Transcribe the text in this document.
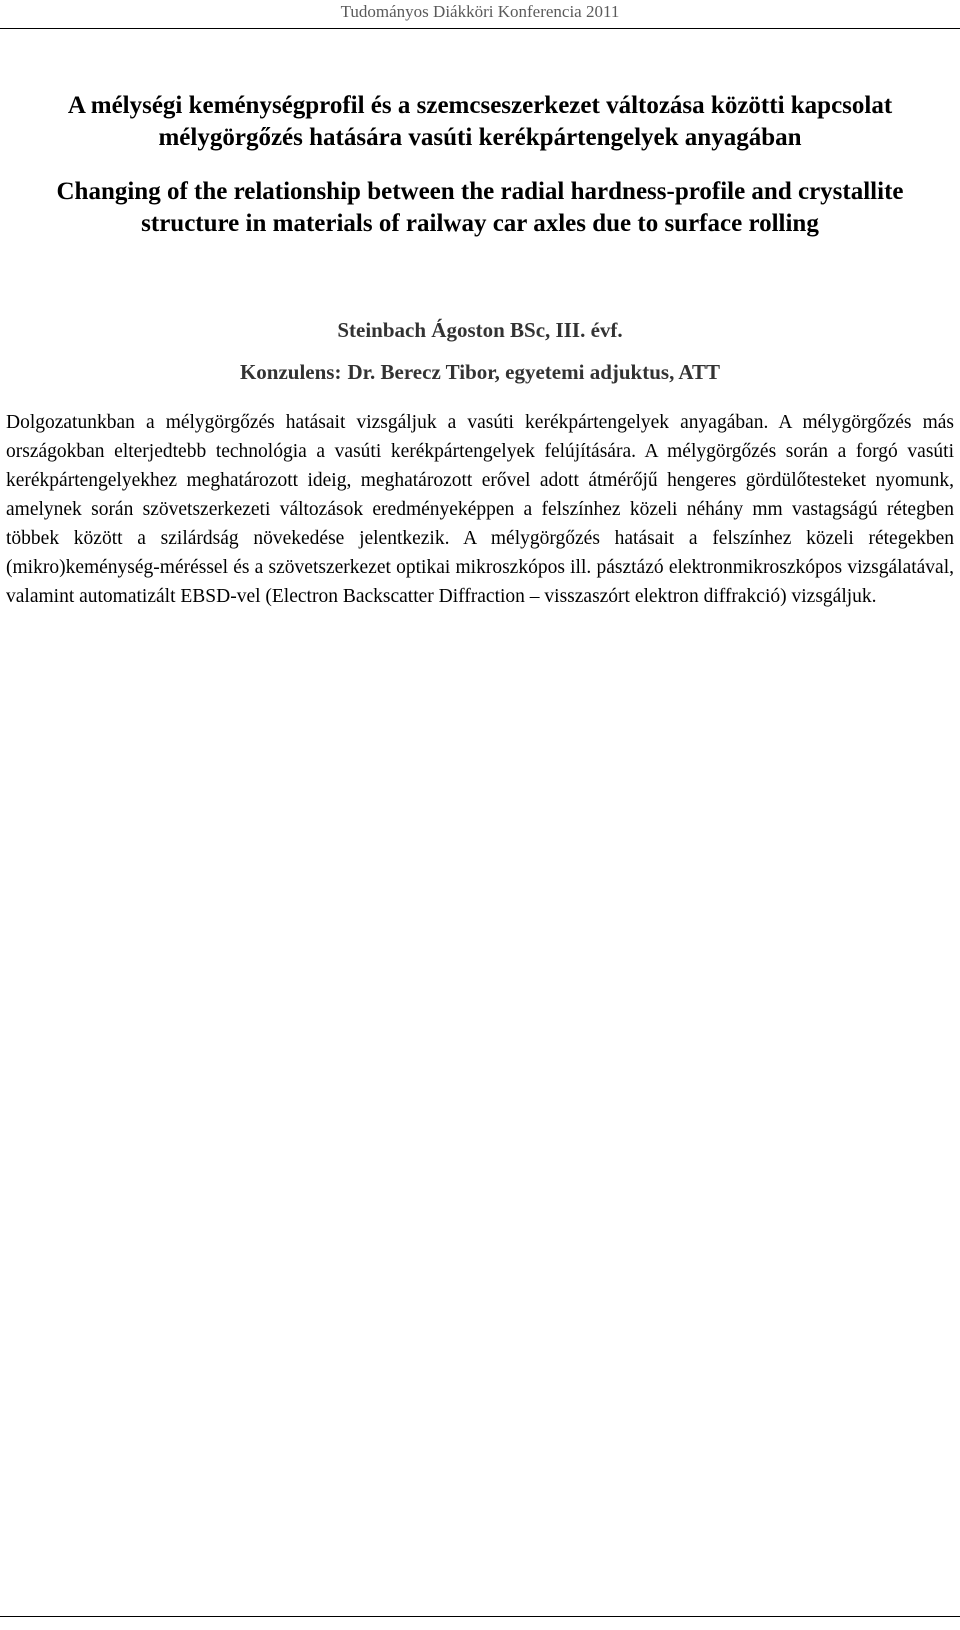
Tudományos Diákköri Konferencia 2011
A mélységi keménységprofil és a szemcseszerkezet változása közötti kapcsolat mélygörgőzés hatására vasúti kerékpártengelyek anyagában
Changing of the relationship between the radial hardness-profile and crystallite structure in materials of railway car axles due to surface rolling
Steinbach Ágoston BSc, III. évf.
Konzulens: Dr. Berecz Tibor, egyetemi adjuktus, ATT

Dolgozatunkban a mélygörgőzés hatásait vizsgáljuk a vasúti kerékpártengelyek anyagában. A mélygörgőzés más országokban elterjedtebb technológia a vasúti kerékpártengelyek felújítására. A mélygörgőzés során a forgó vasúti kerékpártengelyekhez meghatározott ideig, meghatározott erővel adott átmérőjű hengeres gördülőtesteket nyomunk, amelynek során szövetszerkezeti változások eredményeképpen a felszínhez közeli néhány mm vastagságú rétegben többek között a szilárdság növekedése jelentkezik. A mélygörgőzés hatásait a felszínhez közeli rétegekben (mikro)keménység-méréssel és a szövetszerkezet optikai mikroszkópos ill. pásztázó elektronmikroszkópos vizsgálatával, valamint automatizált EBSD-vel (Electron Backscatter Diffraction – visszaszórt elektron diffrakció) vizsgáljuk.
